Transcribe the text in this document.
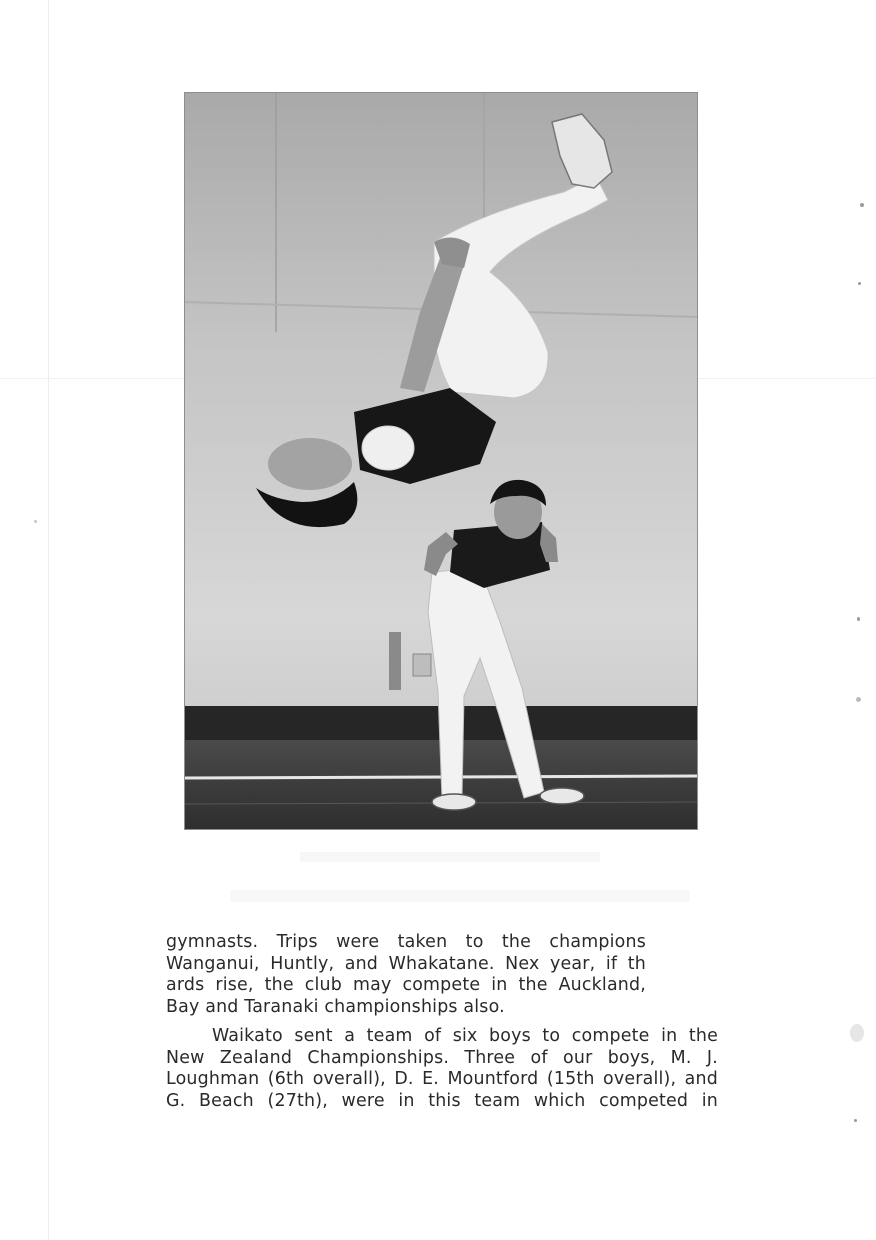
gymnasts. Trips were taken to the champions
Wanganui, Huntly, and Whakatane. Nex year, if th
ards rise, the club may compete in the Auckland,
Bay and Taranaki championships also.

Waikato sent a team of six boys to compete in the
New Zealand Championships. Three of our boys, M. J.
Loughman (6th overall), D. E. Mountford (15th overall), and
G. Beach (27th), were in this team which competed in
